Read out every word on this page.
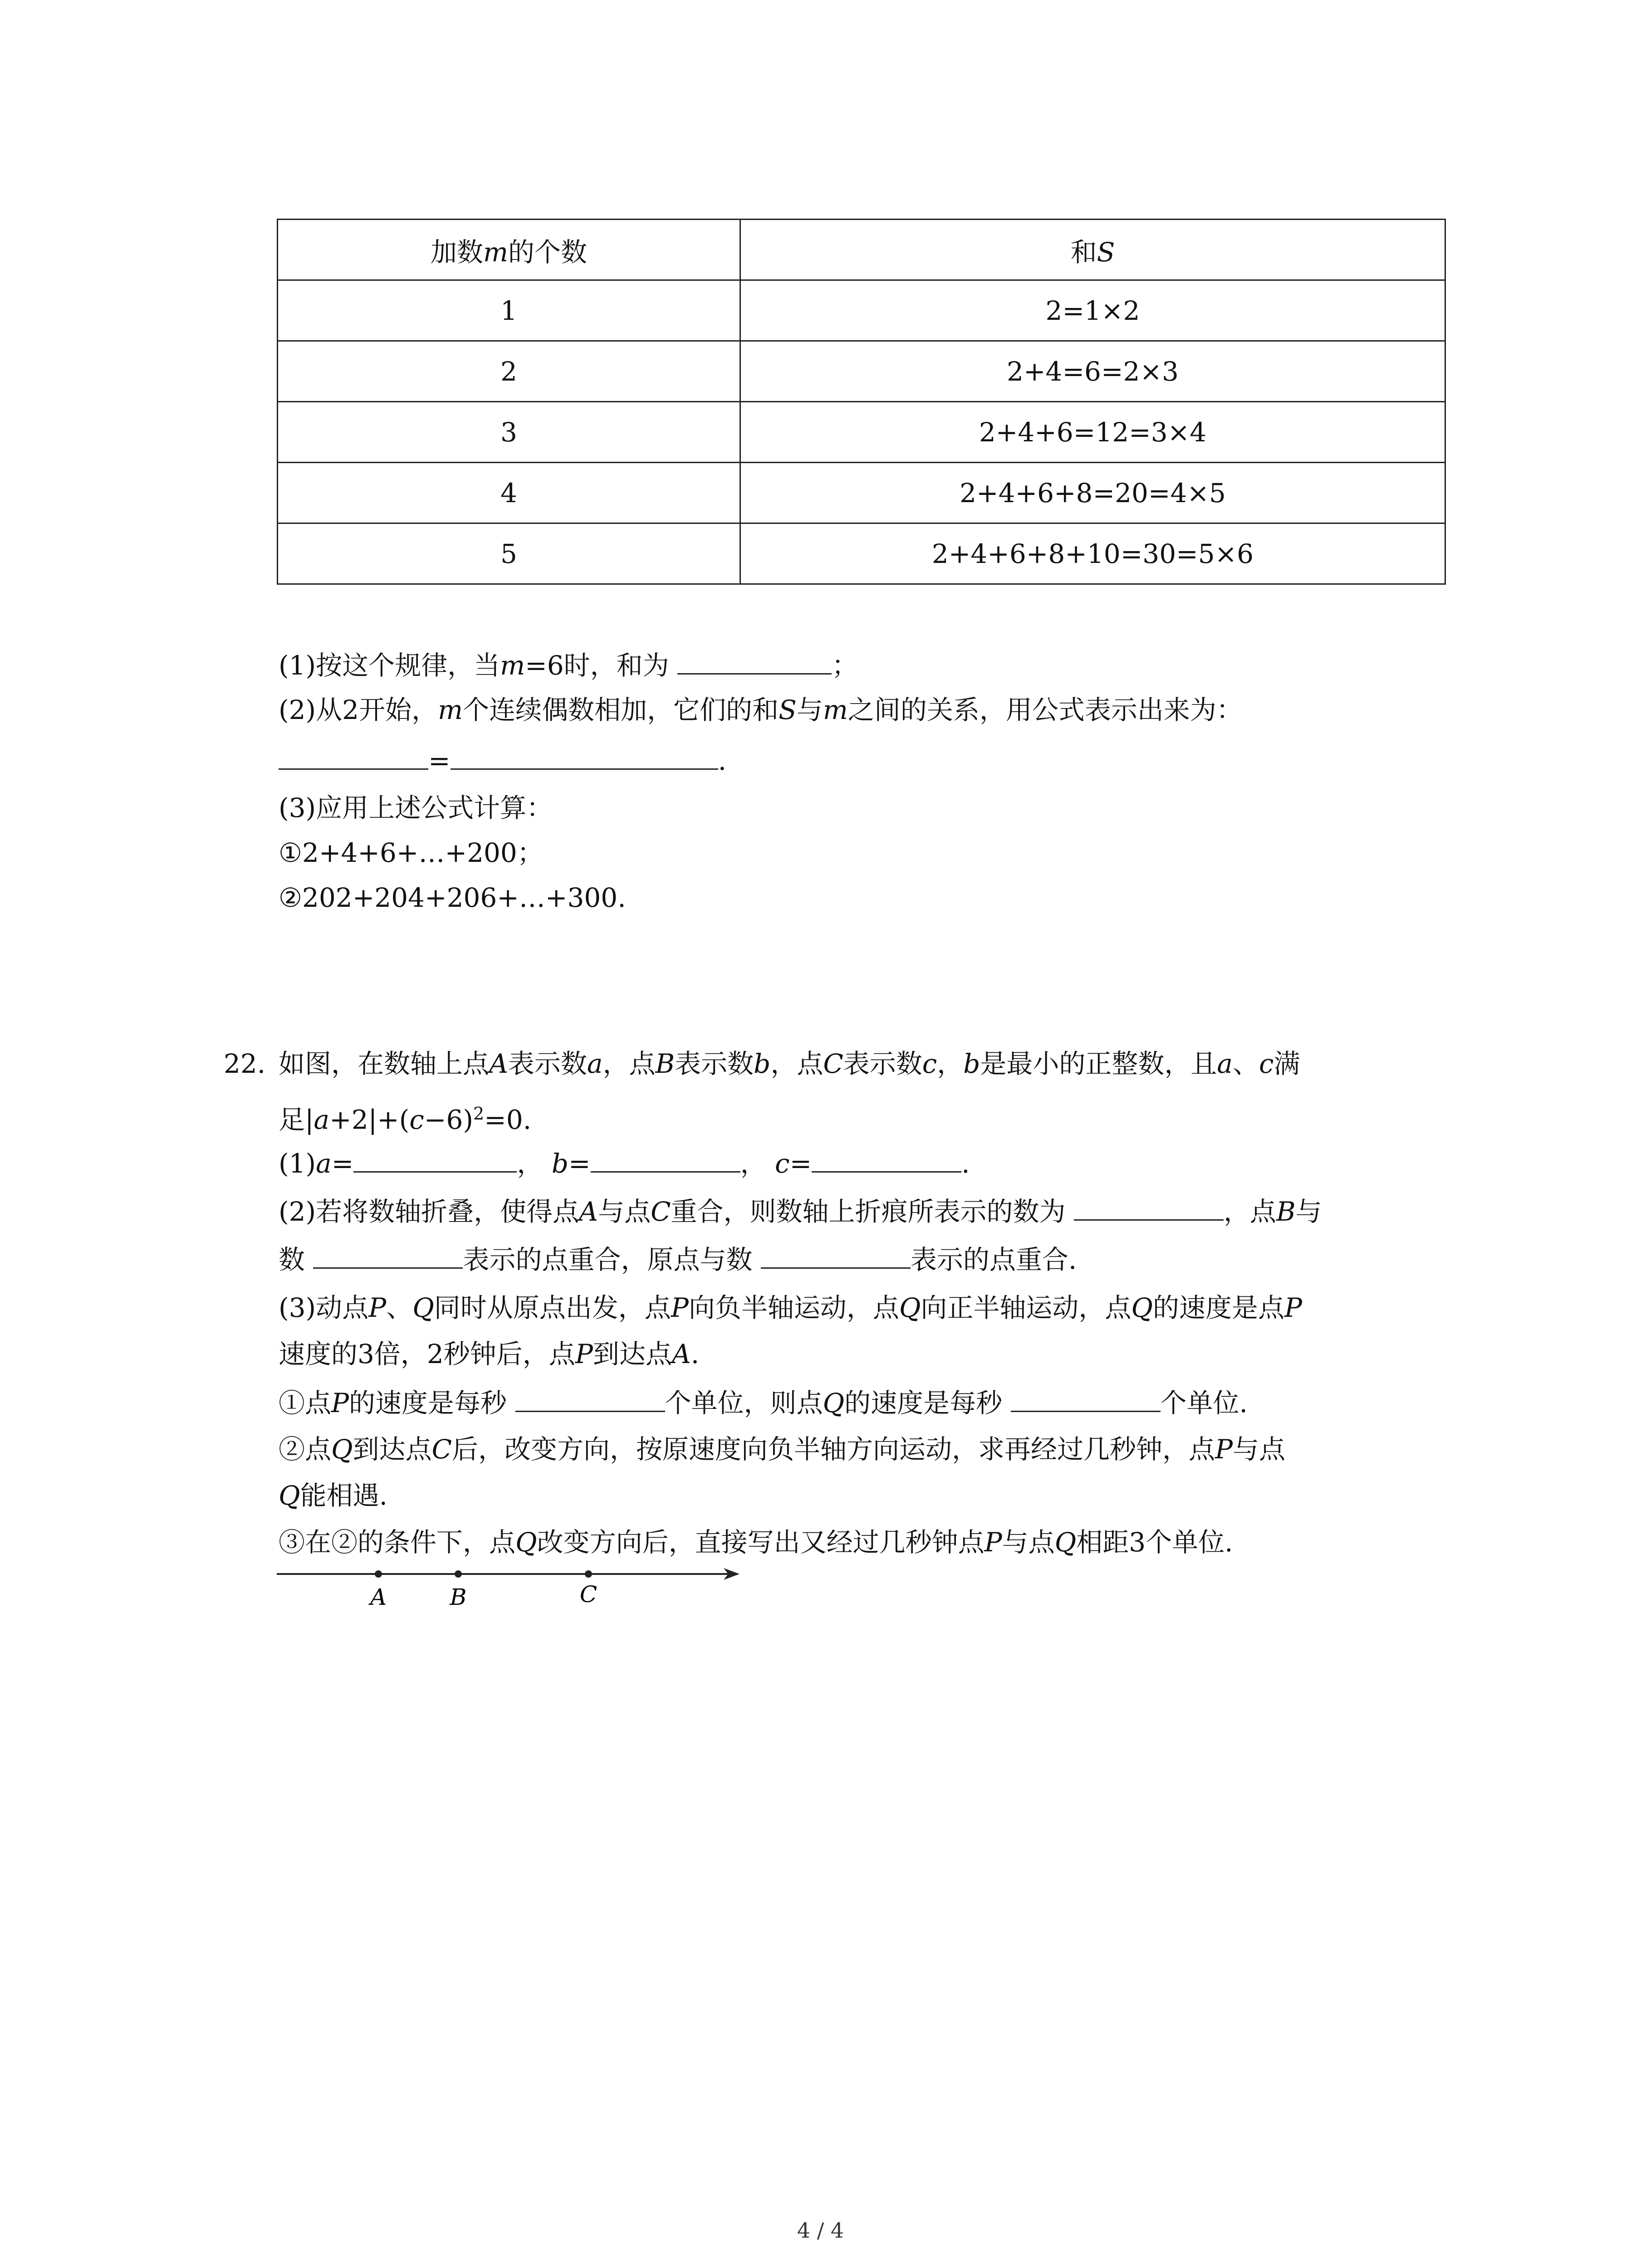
加数m的个数	和S
1	2=1×2
2	2+4=6=2×3
3	2+4+6=12=3×4
4	2+4+6+8=20=4×5
5	2+4+6+8+10=30=5×6
(1)按这个规律，当m=6时，和为	；
(2)从2开始，m个连续偶数相加，它们的和S与m之间的关系，用公式表示出来为：
=	.
(3)应用上述公式计算：
①2+4+6+…+200；
②202+204+206+…+300.
22. 如图，在数轴上点A表示数a，点B表示数b，点C表示数c，b是最小的正整数，且a、c满
足$|a+2|+(c-6)^2=0$.
(1)a=	， b=	， c=	.
(2)若将数轴折叠，使得点A与点C重合，则数轴上折痕所表示的数为	，点B与
数	表示的点重合，原点与数	表示的点重合.
(3)动点P、Q同时从原点出发，点P向负半轴运动，点Q向正半轴运动，点Q的速度是点P
速度的3倍，2秒钟后，点P到达点A.
①点P的速度是每秒	个单位，则点Q的速度是每秒	个单位.
②点Q到达点C后，改变方向，按原速度向负半轴方向运动，求再经过几秒钟，点P与点
Q能相遇.
③在②的条件下，点Q改变方向后，直接写出又经过几秒钟点P与点Q相距3个单位.
A	B	C
4 / 4
